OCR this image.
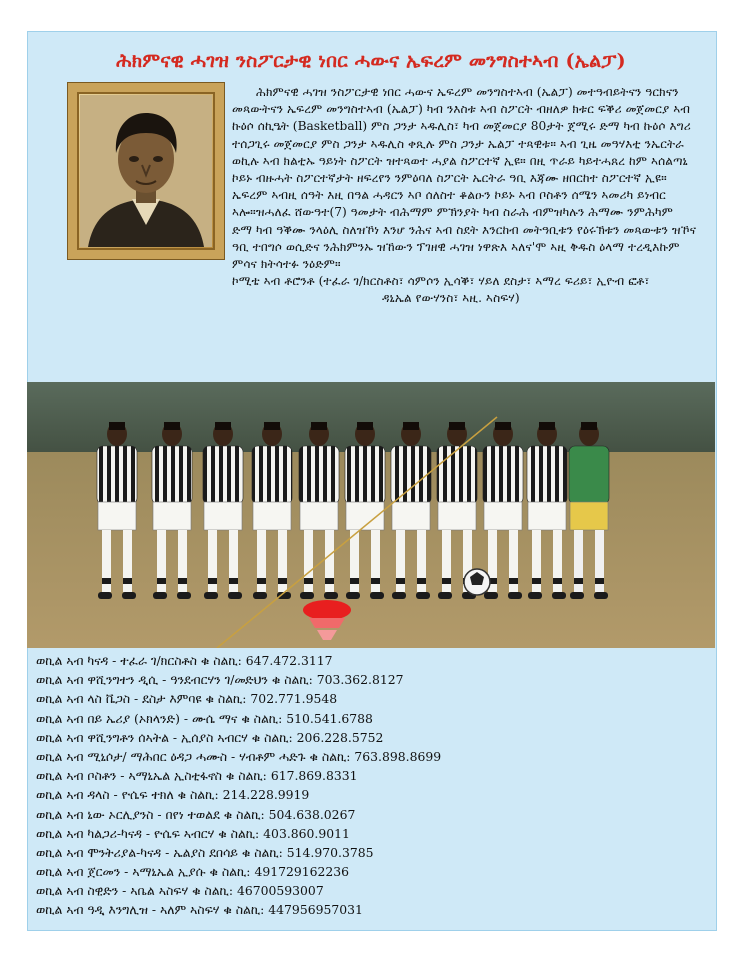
ሕክምናዊ ሓገዝ ንስፖርታዊ ነበር ሓውና ኤፍረም መንግስተኣብ (ኤልፓ)

ሕክምናዊ ሓገዝ ንስፖርታዊ ነበር ሓውና ኤፍረም መንግስተኣብ (ኤልፓ) መተዓብይትናን ዓርክናን መጻውትናን ኤፍረም መንግስተኣብ (ኤልፓ) ካብ ንእስቱ ኣብ ስፖርት ብዘለዎ ክቱር ፍቕሪ መጀመርያ ኣብ ኩዕሶ ሰኪዔት (Basketball) ምስ ጋንታ ኣዱሊስ፣ ካብ መጀመርያ 80ታት ጀሚሩ ድማ ካብ ኩዕሶ እግሪ ተሰጋጊሩ መጀመርያ ምስ ጋንታ ኣዱሊስ ቀጺሉ ምስ ጋንታ ኤልፓ ተጻዊቱ። ኣብ ጊዜ መዓሃእቲ ንኤርትራ ወኪሉ ኣብ ክልቲኡ ዓይነት ስፖርት ዝተጻወተ ሓያል ስፖርተኛ ኢዩ። በዚ ጥራይ ካይተሓጸረ ከም ኣሰልጣኒ ኮይኑ ብዙሓት ስፖርተኛታት ዘፍረየን ንምዕባለ ስፖርት ኤርትራ ዓቢ እጃሙ ዘበርከተ ስፖርተኛ ኢዩ። ኤፍረም ኣብዚ ሰዓት እዚ በዓል ሓዳርን ኣቦ ሰለስተ ቆልዑን ኮይኑ ኣብ ቦስቶን ሰሜን ኣመሪካ ይነብር ኣሎ።ዝሓለፈ ሸውዓተ(7) ዓመታት ብሕማም ምኽንያት ካብ ስራሕ ብምዝካሉን ሕማሙ ንምሕካም ድማ ካብ ዓቕሙ ንላዕሊ ስለዝኾነ እንሆ ንሕና ኣብ ስደት እንርከብ መትዓቢቱን የዕሩኽቱን መጻውቱን ዝኾና ዓቢ ተበግሶ ወሲድና ንሕክምንኡ ዝኸውን ፕገዘዊ ሓገዝ ነዋጽእ ኣለና'ሞ ኣዚ ቅዱስ ዕላማ ተረዲእኩም ምሳና ክትሳተፉ ንዕድም።

ኮሚቴ ኣብ ቶሮንቶ (ተፈራ ገ/ክርስቶስ፣ ሳምሶን ኢሳቕ፣ ሃይለ ደስታ፣ ኣማረ ፍሪይ፣ ኢዮብ ፎቶ፣

ዳኒኤል የውሃንስ፣ ኣዚ. ኣስፍሃ)

ወኪል ኣብ ካናዳ - ተፈራ ገ/ክርስቶስ ቁ ስልኪ: 647.472.3117
ወኪል ኣብ ዋሺንግተን ዲሲ - ዓንደብርሃን ገ/መድህን ቁ ስልኪ: 703.362.8127
ወኪል ኣብ ላስ ቬጋስ - ደስታ እምባዩ ቁ ስልኪ: 702.771.9548
ወኪል ኣብ በይ ኤሪያ (ኦክላንድ) - ሙሴ ማና ቁ ስልኪ: 510.541.6788
ወኪል ኣብ ዋሺንግቶን ሰኣትል - ኢሰያስ ኣብርሃ ቁ ስልኪ: 206.228.5752
ወኪል ኣብ ሚኒሶታ/ ማሕበር ዕዳጋ ሓሙስ - ሃብቶም ሓድጉ ቁ ስልኪ: 763.898.8699
ወኪል ኣብ ቦስቶን - ኣማኒኤል ኢስቲፋኖስ ቁ ስልኪ: 617.869.8331
ወኪል ኣብ ዳላስ - ዮሴፍ ተክለ ቁ ስልኪ: 214.228.9919
ወኪል ኣብ ኒው ኦርሊያንስ - በየነ ተወልደ ቁ ስልኪ: 504.638.0267
ወኪል ኣብ ካልጋሪ-ካናዳ - ዮሴፍ ኣብርሃ ቁ ስልኪ: 403.860.9011
ወኪል ኣብ ሞንትሪያል-ካናዳ - ኤልያስ ደበሳይ ቁ ስልኪ: 514.970.3785
ወኪል ኣብ ጀርመን - ኣማኒኤል ኢያሱ ቁ ስልኪ: 491729162236
ወኪል ኣብ ስዊድን - ኣቤል ኣስፍሃ ቁ ስልኪ: 46700593007
ወኪል ኣብ ዓዲ እንግሊዝ - ኣለም ኣስፍሃ ቁ ስልኪ: 447956957031
